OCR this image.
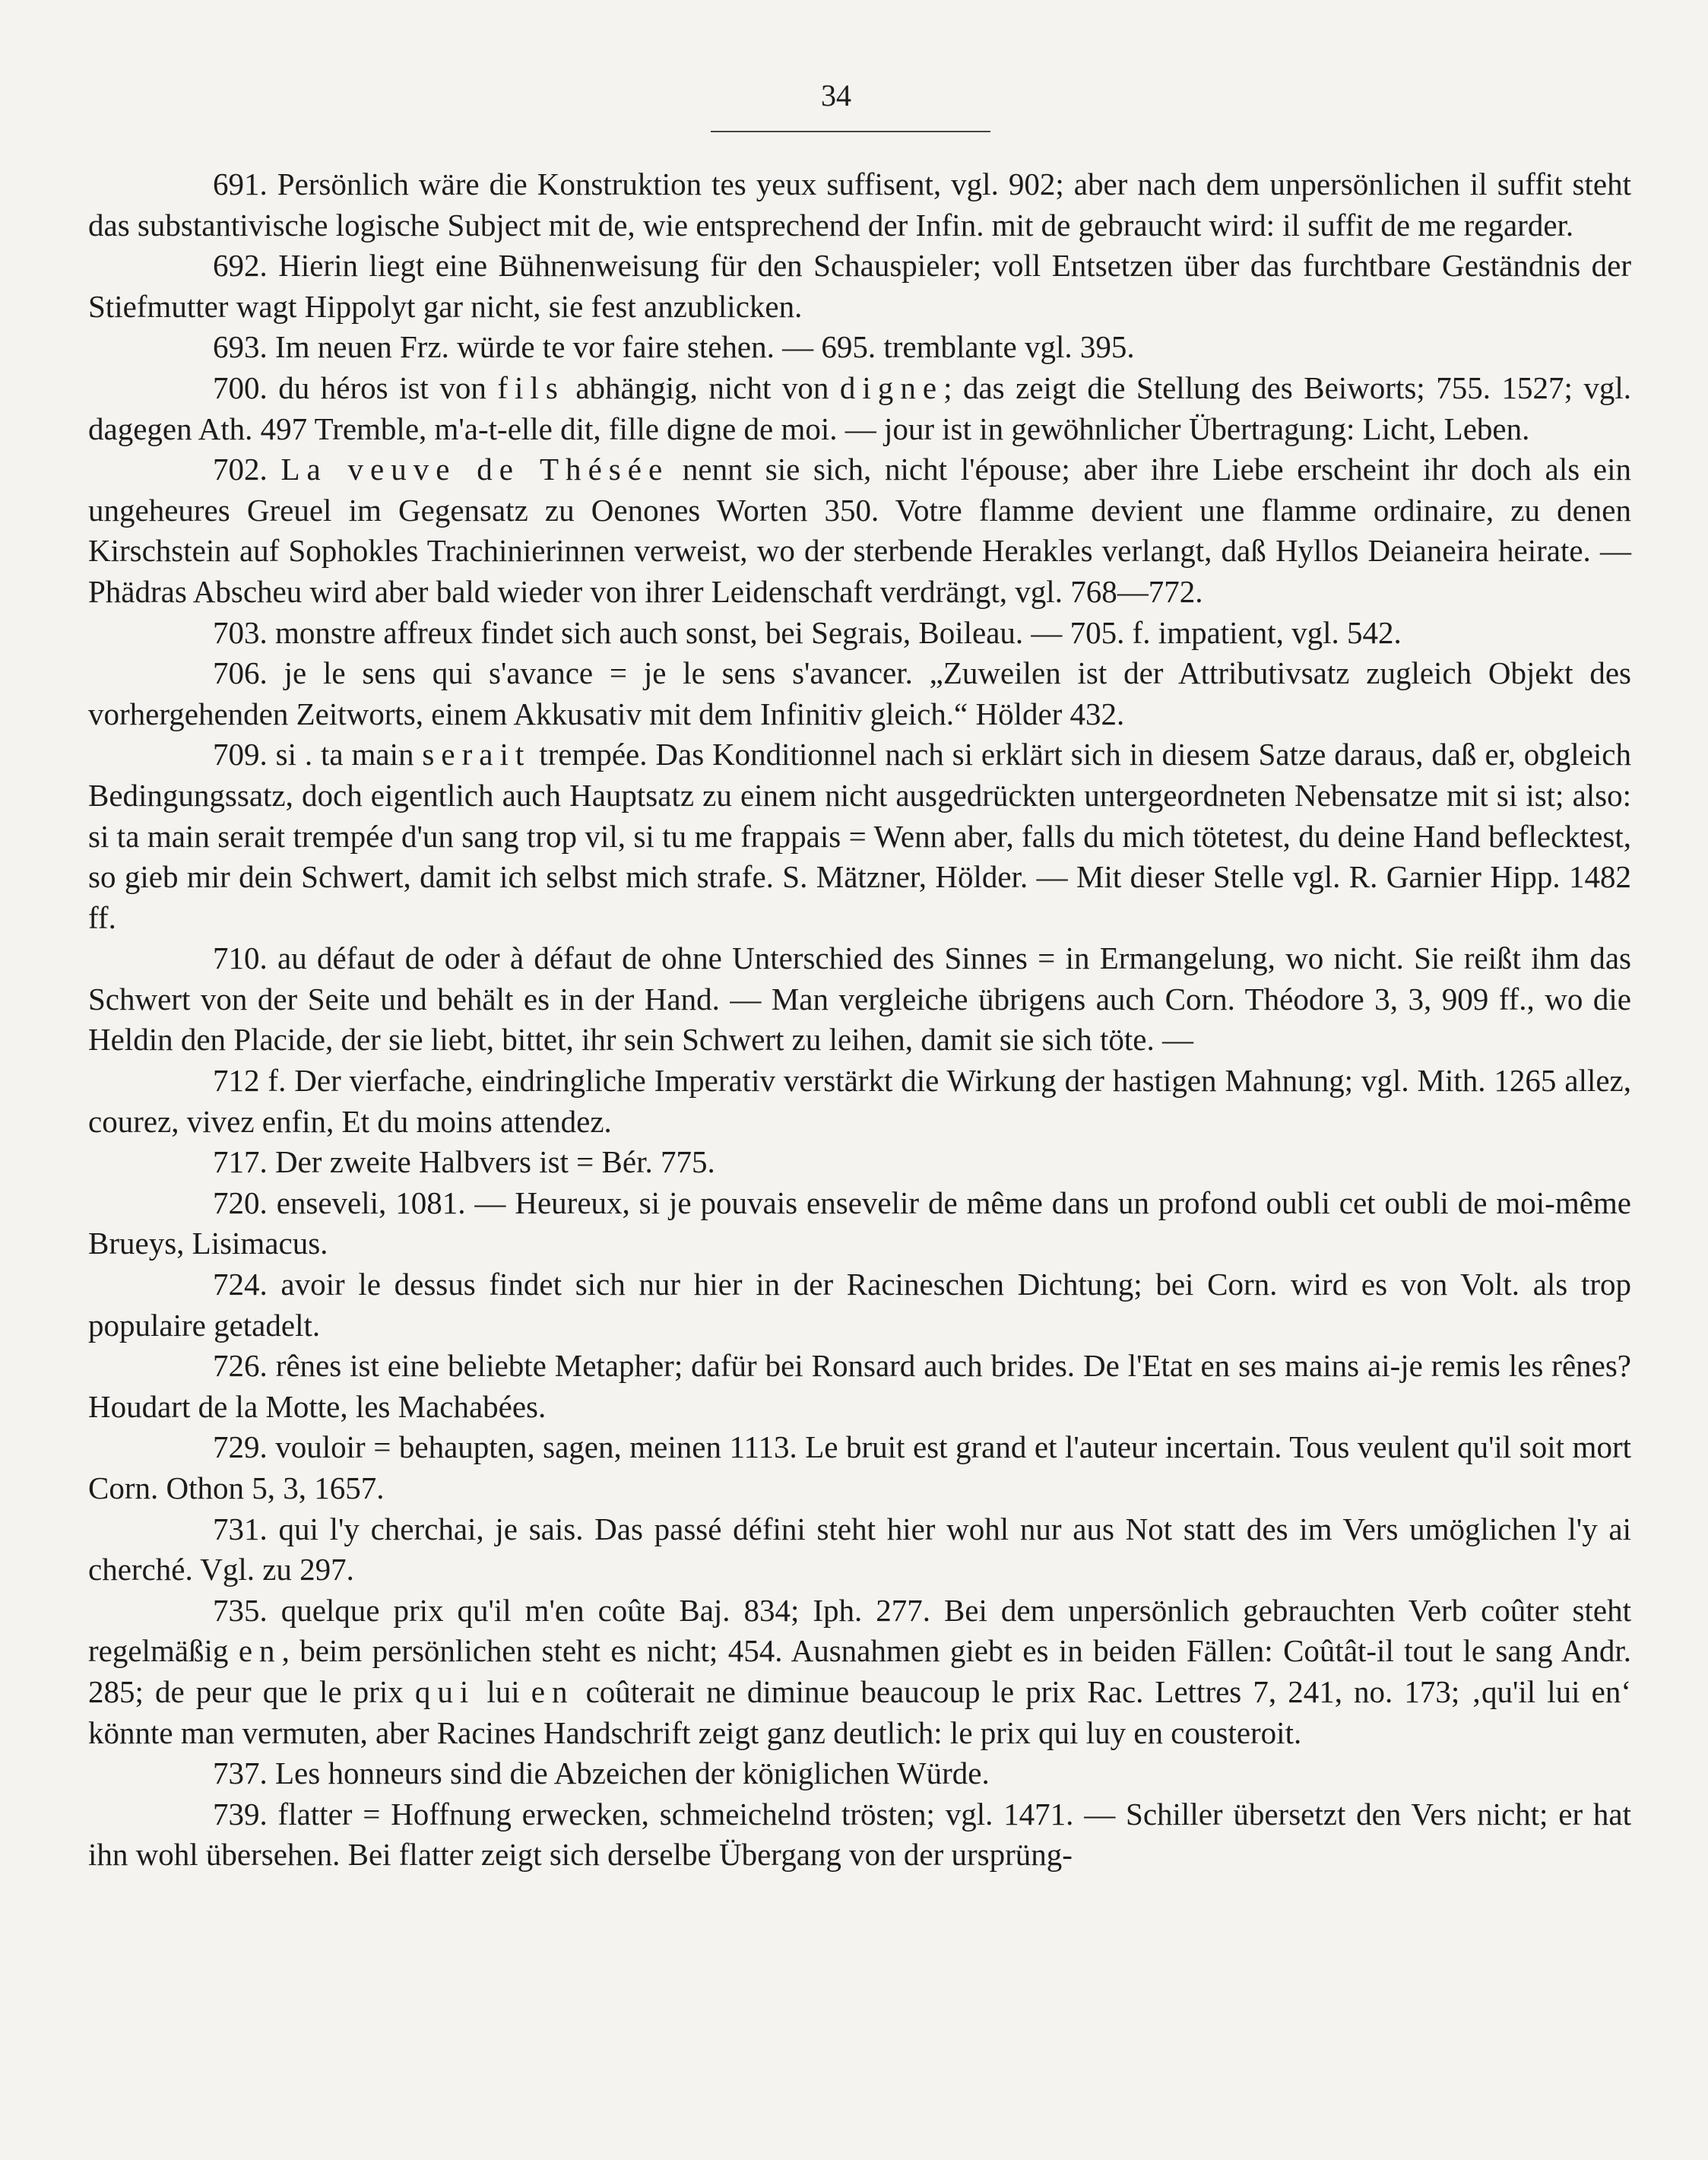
34

691. Persönlich wäre die Konstruktion tes yeux suffisent, vgl. 902; aber nach dem unpersönlichen il suffit steht das substantivische logische Subject mit de, wie entsprechend der Infin. mit de gebraucht wird: il suffit de me regarder.

692. Hierin liegt eine Bühnenweisung für den Schauspieler; voll Entsetzen über das furchtbare Geständnis der Stiefmutter wagt Hippolyt gar nicht, sie fest anzublicken.

693. Im neuen Frz. würde te vor faire stehen. — 695. tremblante vgl. 395.

700. du héros ist von fils abhängig, nicht von digne; das zeigt die Stellung des Beiworts; 755. 1527; vgl. dagegen Ath. 497 Tremble, m'a-t-elle dit, fille digne de moi. — jour ist in gewöhnlicher Übertragung: Licht, Leben.

702. La veuve de Thésée nennt sie sich, nicht l'épouse; aber ihre Liebe erscheint ihr doch als ein ungeheures Greuel im Gegensatz zu Oenones Worten 350. Votre flamme devient une flamme ordinaire, zu denen Kirschstein auf Sophokles Trachinierinnen verweist, wo der sterbende Herakles verlangt, daß Hyllos Deianeira heirate. — Phädras Abscheu wird aber bald wieder von ihrer Leidenschaft verdrängt, vgl. 768—772.

703. monstre affreux findet sich auch sonst, bei Segrais, Boileau. — 705. f. impatient, vgl. 542.

706. je le sens qui s'avance = je le sens s'avancer. „Zuweilen ist der Attributivsatz zugleich Objekt des vorhergehenden Zeitworts, einem Akkusativ mit dem Infinitiv gleich.“ Hölder 432.

709. si . ta main serait trempée. Das Konditionnel nach si erklärt sich in diesem Satze daraus, daß er, obgleich Bedingungssatz, doch eigentlich auch Hauptsatz zu einem nicht ausgedrückten untergeordneten Nebensatze mit si ist; also: si ta main serait trempée d'un sang trop vil, si tu me frappais = Wenn aber, falls du mich tötetest, du deine Hand beflecktest, so gieb mir dein Schwert, damit ich selbst mich strafe. S. Mätzner, Hölder. — Mit dieser Stelle vgl. R. Garnier Hipp. 1482 ff.

710. au défaut de oder à défaut de ohne Unterschied des Sinnes = in Ermangelung, wo nicht. Sie reißt ihm das Schwert von der Seite und behält es in der Hand. — Man vergleiche übrigens auch Corn. Théodore 3, 3, 909 ff., wo die Heldin den Placide, der sie liebt, bittet, ihr sein Schwert zu leihen, damit sie sich töte. —

712 f. Der vierfache, eindringliche Imperativ verstärkt die Wirkung der hastigen Mahnung; vgl. Mith. 1265 allez, courez, vivez enfin, Et du moins attendez.

717. Der zweite Halbvers ist = Bér. 775.

720. enseveli, 1081. — Heureux, si je pouvais ensevelir de même dans un profond oubli cet oubli de moi-même Brueys, Lisimacus.

724. avoir le dessus findet sich nur hier in der Racineschen Dichtung; bei Corn. wird es von Volt. als trop populaire getadelt.

726. rênes ist eine beliebte Metapher; dafür bei Ronsard auch brides. De l'Etat en ses mains ai-je remis les rênes? Houdart de la Motte, les Machabées.

729. vouloir = behaupten, sagen, meinen 1113. Le bruit est grand et l'auteur incertain. Tous veulent qu'il soit mort Corn. Othon 5, 3, 1657.

731. qui l'y cherchai, je sais. Das passé défini steht hier wohl nur aus Not statt des im Vers umöglichen l'y ai cherché. Vgl. zu 297.

735. quelque prix qu'il m'en coûte Baj. 834; Iph. 277. Bei dem unpersönlich gebrauchten Verb coûter steht regelmäßig en, beim persönlichen steht es nicht; 454. Ausnahmen giebt es in beiden Fällen: Coûtât-il tout le sang Andr. 285; de peur que le prix qui lui en coûterait ne diminue beaucoup le prix Rac. Lettres 7, 241, no. 173; ‚qu'il lui en‘ könnte man vermuten, aber Racines Handschrift zeigt ganz deutlich: le prix qui luy en cousteroit.

737. Les honneurs sind die Abzeichen der königlichen Würde.

739. flatter = Hoffnung erwecken, schmeichelnd trösten; vgl. 1471. — Schiller übersetzt den Vers nicht; er hat ihn wohl übersehen. Bei flatter zeigt sich derselbe Übergang von der ursprüng-
